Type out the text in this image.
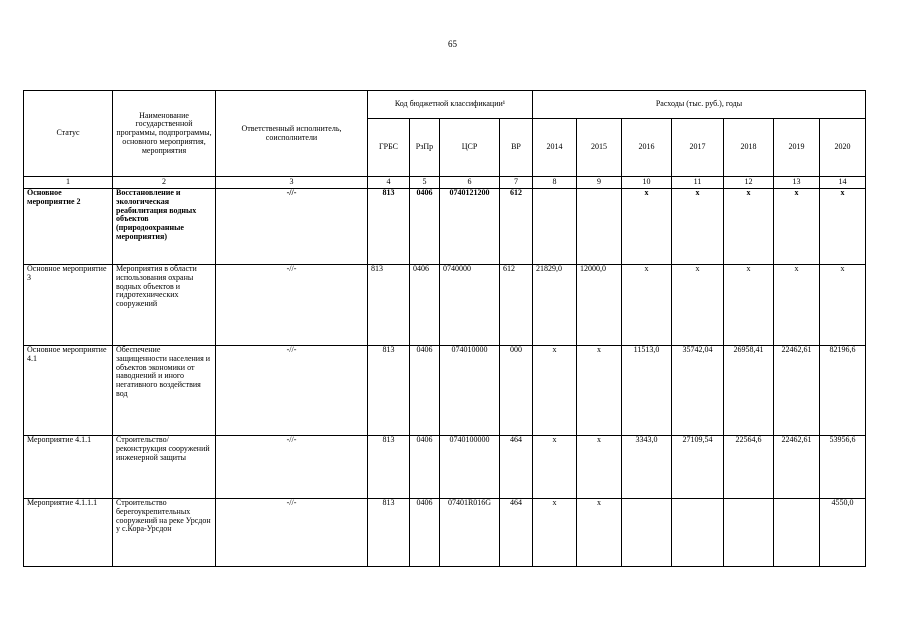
65
Статус	Наименование государственной программы, подпрограммы, основного мероприятия, мероприятия	Ответственный исполнитель, соисполнители	Код бюджетной классификации¹				Расходы (тыс. руб.), годы						
			ГРБС	РзПр	ЦСР	ВР	2014	2015	2016	2017	2018	2019	2020
1	2	3	4	5	6	7	8	9	10	11	12	13	14
Основное мероприятие 2	Восстановление и экологическая реабилитация водных объектов (природоохранные мероприятия)	-//-	813	0406	0740121200	612			x	x	x	x	x
Основное мероприятие 3	Мероприятия в области использования охраны водных объектов и гидротехнических сооружений	-//-	813	0406	0740000	612	21829,0	12000,0	x	x	x	x	x
Основное мероприятие 4.1	Обеспечение защищенности населения и объектов экономики от наводнений и иного негативного воздействия вод	-//-	813	0406	074010000	000	x	x	11513,0	35742,04	26958,41	22462,61	82196,6
Мероприятие 4.1.1	Строительство/реконструкция сооружений инженерной защиты	-//-	813	0406	0740100000	464	x	x	3343,0	27109,54	22564,6	22462,61	53956,6
Мероприятие 4.1.1.1	Строительство берегоукрепительных сооружений на реке Урсдон у с.Кора-Урсдон	-//-	813	0406	07401R016G	464	x	x					4550,0
